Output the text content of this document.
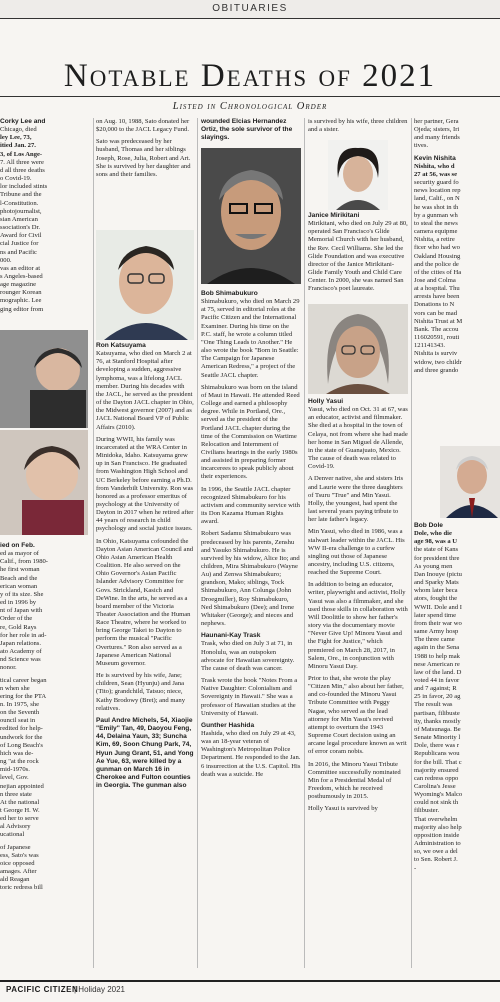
OBITUARIES
Notable Deaths of 2021
Listed in Chronological Order

Corky Lee and
Chicago, died
ley Lee, 73,
itied Jan. 27.
3, of Los Ange-
7. All three were
d all three deaths
o Covid-19.
lor included stints
Tribune and the
l-Constitution.
photojournalist,
sian American
ssociation's Dr.
Award for Civil
cial Justice for
ns and Pacific
000.
vas an editor at
s Angeles-based
age magazine
rounger Korean
mographic. Lee
ging editor from

ied on Feb.
ed as mayor of
Calif., from 1980-
he first woman
Beach and the
erican woman
y of its size. She
ed in 1996 by
nt of Japan with
Order of the
re, Gold Rays
for her role in ad-
Japan relations.
ato Academy of
nd Science was
nonor.

tical career began
n when she
ering for the PTA
n. In 1975, she
on the Seventh
ouncil seat in
redited for help-
undwork for the
of Long Beach's
hich was de-
ng "at the rock
mid-1970s.
level, Gov.
nejian appointed
n three state
At the national
t George H. W.
ed her to serve
al Advisory
ucational

of Japanese
ess, Sato's was
oice opposed
amages. After
ald Reagan
toric redress bill

on Aug. 10, 1988, Sato donated her $20,000 to the JACL Legacy Fund.

Sato was predeceased by her husband, Thomas and her siblings Joseph, Rose, Julia, Robert and Art. She is survived by her daughter and sons and their families.

Ron Katsuyama
Katsuyama, who died on March 2 at 76, at Stanford Hospital after developing a sudden, aggressive lymphoma, was a lifelong JACL member. During his decades with the JACL, he served as the president of the Dayton JACL chapter in Ohio, the Midwest governor (2007) and as JACL National Board VP of Public Affairs (2010).

During WWII, his family was incarcerated at the WRA Center in Minidoka, Idaho. Katsuyama grew up in San Francisco. He graduated from Washington High School and UC Berkeley before earning a Ph.D. from Vanderbilt University. Ron was honored as a professor emeritus of psychology at the University of Dayton in 2017 when he retired after 44 years of research in child psychology and social justice issues.

In Ohio, Katsuyama cofounded the Dayton Asian American Council and Ohio Asian American Health Coalition. He also served on the Ohio Governor's Asian Pacific Islander Advisory Committee for Govs. Strickland, Kasich and DeWine. In the arts, he served as a board member of the Victoria Theater Association and the Human Race Theatre, where he worked to bring George Takei to Dayton to perform the musical "Pacific Overtures." Ron also served as a Japanese American National Museum governor.

He is survived by his wife, Jane; children, Sean (Hyunju) and Jana (Tito); grandchild, Tatsuo; niece, Kathy Brodowy (Bret); and many relatives.

Paul Andre Michels, 54, Xiaojie "Emily" Tan, 49, Daoyou Feng, 44, Delaina Yaun, 33; Suncha Kim, 69, Soon Chung Park, 74, Hyun Jung Grant, 51, and Yong Ae Yue, 63, were killed by a gunman on March 16 in Cherokee and Fulton counties in Georgia. The gunman also

wounded Elcias Hernandez Ortiz, the sole survivor of the slayings.

Bob Shimabukuro
Shimabukuro, who died on March 29 at 75, served in editorial roles at the Pacific Citizen and the International Examiner. During his time on the P.C. staff, he wrote a column titled "One Thing Leads to Another." He also wrote the book "Born in Seattle: The Campaign for Japanese American Redress," a project of the Seattle JACL chapter.

Shimabukuro was born on the island of Maui in Hawaii. He attended Reed College and earned a philosophy degree. While in Portland, Ore., served as the president of the Portland JACL chapter during the time of the Commission on Wartime Relocation and Internment of Civilians hearings in the early 1980s and assisted in preparing former incarcerees to speak publicly about their experiences.

In 1996, the Seattle JACL chapter recognized Shimabukuro for his activism and community service with its Don Kazama Human Rights award.

Robert Sadamu Shimabukuro was predeceased by his parents, Zenshu and Yasuko Shimabukuro. He is survived by his widow, Alice Ito; and children, Mira Shimabukuro (Wayne Au) and Zenwa Shimabukuro; grandson, Mako; siblings, Tock Shimabukuro, Ann Colunga (John Droegmiller), Roy Shimabukuro, Ned Shimabukuro (Dee); and Irene Whitaker (George); and nieces and nephews.

Haunani-Kay Trask
Trask, who died on July 3 at 71, in Honolulu, was an outspoken advocate for Hawaiian sovereignty. The cause of death was cancer.

Trask wrote the book "Notes From a Native Daughter: Colonialism and Sovereignty in Hawaii." She was a professor of Hawaiian studies at the University of Hawaii.

Gunther Hashida
Hashida, who died on July 29 at 43, was an 18-year veteran of Washington's Metropolitan Police Department. He responded to the Jan. 6 insurrection at the U.S. Capitol. His death was a suicide. He

is survived by his wife, three children and a sister.

Janice Mirikitani
Mirikitani, who died on July 29 at 80, operated San Francisco's Glide Memorial Church with her husband, the Rev. Cecil Williams. She led the Glide Foundation and was executive director of the Janice Mirikitani-Glide Family Youth and Child Care Center. In 2000, she was named San Francisco's poet laureate.

Holly Yasui
Yasui, who died on Oct. 31 at 67, was an educator, activist and filmmaker. She died at a hospital in the town of Celaya, not from where she had made her home in San Miguel de Allende, in the state of Guanajuato, Mexico. The cause of death was related to Covid-19.

A Denver native, she and sisters Iris and Laurie were the three daughters of Tsuru "True" and Min Yasui. Holly, the youngest, had spent the last several years paying tribute to her late father's legacy.

Min Yasui, who died in 1986, was a stalwart leader within the JACL. His WW II-era challenge to a curfew singling out those of Japanese ancestry, including U.S. citizens, reached the Supreme Court.

In addition to being an educator, writer, playwright and activist, Holly Yasui was also a filmmaker, and she used those skills in collaboration with Will Doolittle to show her father's story via the documentary movie "Never Give Up! Minoru Yasui and the Fight for Justice," which premiered on March 28, 2017, in Salem, Ore., in conjunction with Minoru Yasui Day.

Prior to that, she wrote the play "Citizen Min," also about her father, and co-founded the Minoru Yasui Tribute Committee with Peggy Nagae, who served as the lead attorney for Min Yasui's revived attempt to overturn the 1943 Supreme Court decision using an arcane legal procedure known as writ of error coram nobis.

In 2016, the Minoru Yasui Tribute Committee successfully nominated Min for a Presidential Medal of Freedom, which he received posthumously in 2015.

Holly Yasui is survived by

her partner, Gera
Ojeda; sisters, Iri
and many friends
tives.

Kevin Nishita
Nishita, who d
27 at 56, was se
security guard fo
news location rep
land, Calif., on N
he was shot in th
by a gunman wh
to steal the news
camera equipme
Nishita, a retire
ficer who had wo
Oakland Housing
and the police de
of the cities of Ha
Jose and Colma
at a hospital. Thu
arrests have been
Donations to N
vors can be mad
Nishita Trust at M
Bank. The accou
116020591, routi
121141343.
Nishita is surviv
widow, two childr
and three grando

Bob Dole
Dole, who die
age 98, was a U
the state of Kans
for president thre
As young men
Dan Inouye (pictu
and Sparky Mats
whom later beca
ators, fought the
WWII. Dole and I
later spend time
from their war wo
same Army hosp
The three came
again in the Sena
1988 to help mak
nese American re
law of the land. D
voted 44 in favor
and 7 against; R
25 in favor, 20 ag
The result was
partisan, filibuste
ity, thanks mostly
of Matsunaga. Be
Senate Minority l
Dole, there was r
Republicans wou
for the bill. That c
majority ensured
can redress oppo
Carolina's Jesse
Wyoming's Malco
could not sink th
filibuster.
That overwhelm
majority also help
opposition inside
Administration to
so, we owe a del
to Sen. Robert J.
-

PACIFIC CITIZEN
| Holiday 2021
